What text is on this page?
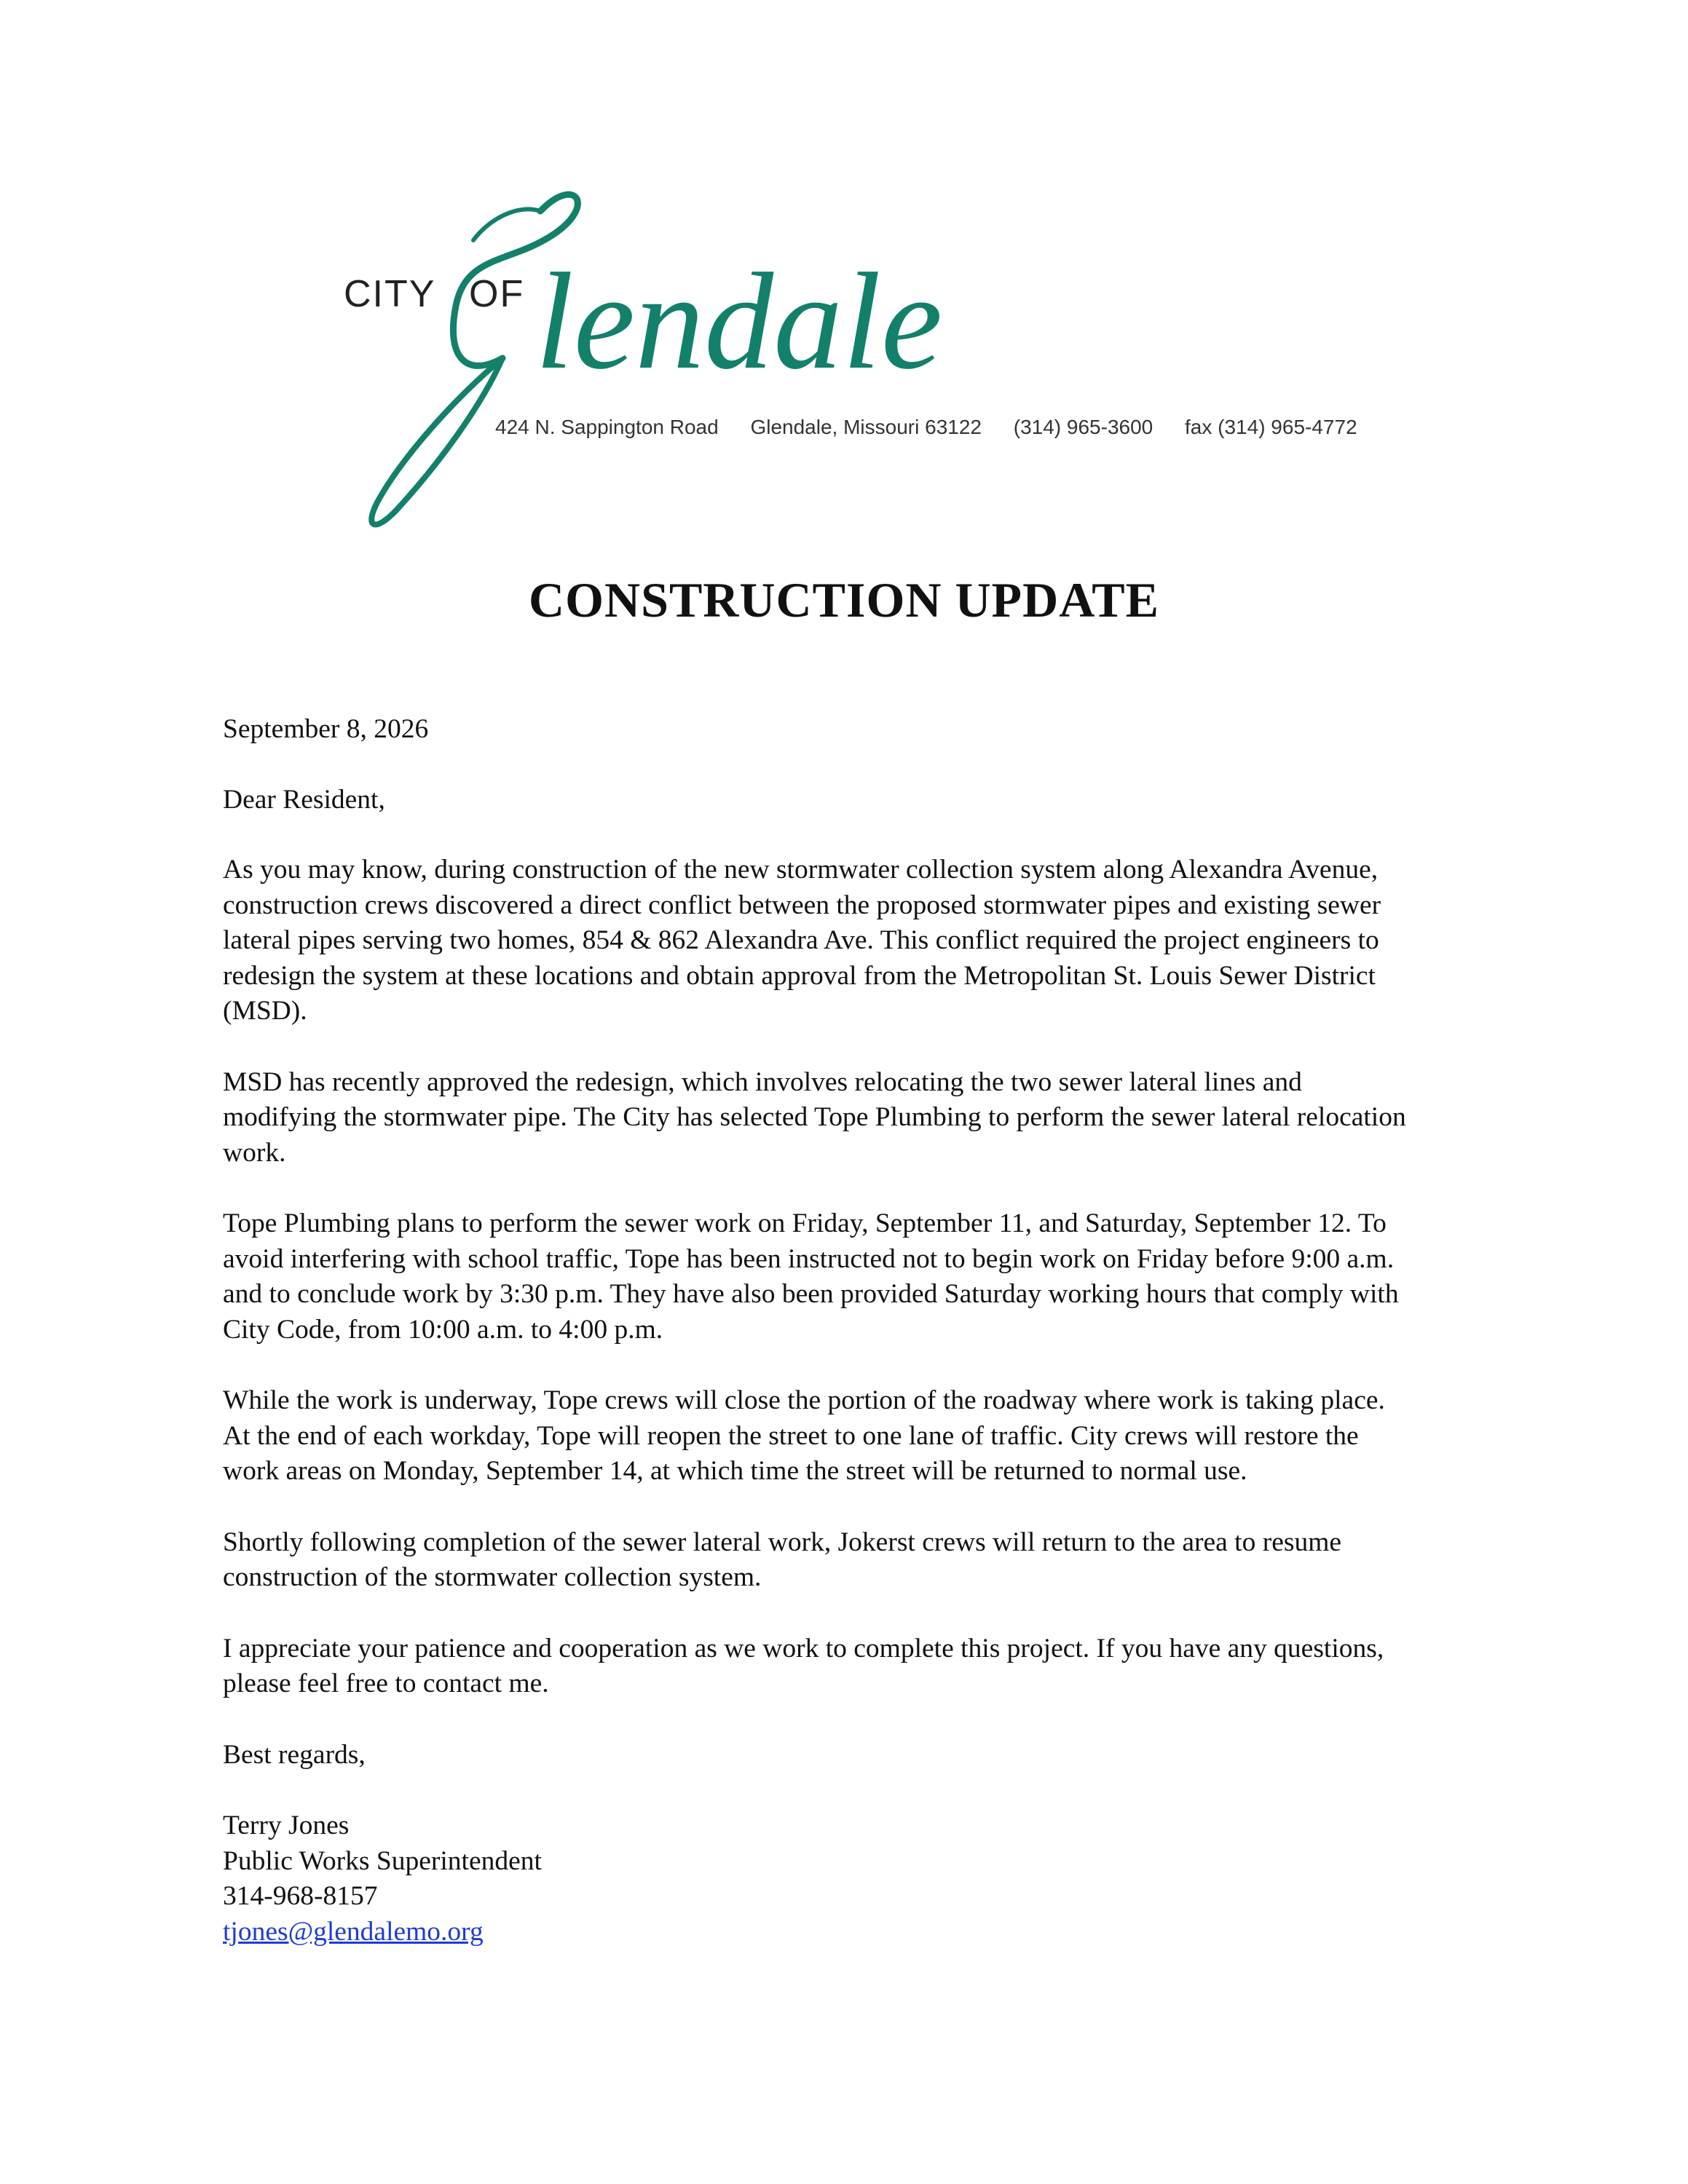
lendale
CITY OF
424 N. Sappington Road Glendale, Missouri 63122 (314) 965-3600 fax (314) 965-4772
CONSTRUCTION UPDATE

September 8, 2026

Dear Resident,

As you may know, during construction of the new stormwater collection system along Alexandra Avenue, construction crews discovered a direct conflict between the proposed stormwater pipes and existing sewer lateral pipes serving two homes, 854 & 862 Alexandra Ave. This conflict required the project engineers to redesign the system at these locations and obtain approval from the Metropolitan St. Louis Sewer District (MSD).

MSD has recently approved the redesign, which involves relocating the two sewer lateral lines and modifying the stormwater pipe. The City has selected Tope Plumbing to perform the sewer lateral relocation work.

Tope Plumbing plans to perform the sewer work on Friday, September 11, and Saturday, September 12. To avoid interfering with school traffic, Tope has been instructed not to begin work on Friday before 9:00 a.m. and to conclude work by 3:30 p.m. They have also been provided Saturday working hours that comply with City Code, from 10:00 a.m. to 4:00 p.m.

While the work is underway, Tope crews will close the portion of the roadway where work is taking place. At the end of each workday, Tope will reopen the street to one lane of traffic. City crews will restore the work areas on Monday, September 14, at which time the street will be returned to normal use.

Shortly following completion of the sewer lateral work, Jokerst crews will return to the area to resume construction of the stormwater collection system.

I appreciate your patience and cooperation as we work to complete this project. If you have any questions, please feel free to contact me.

Best regards,

Terry Jones
Public Works Superintendent
314-968-8157
tjones@glendalemo.org
